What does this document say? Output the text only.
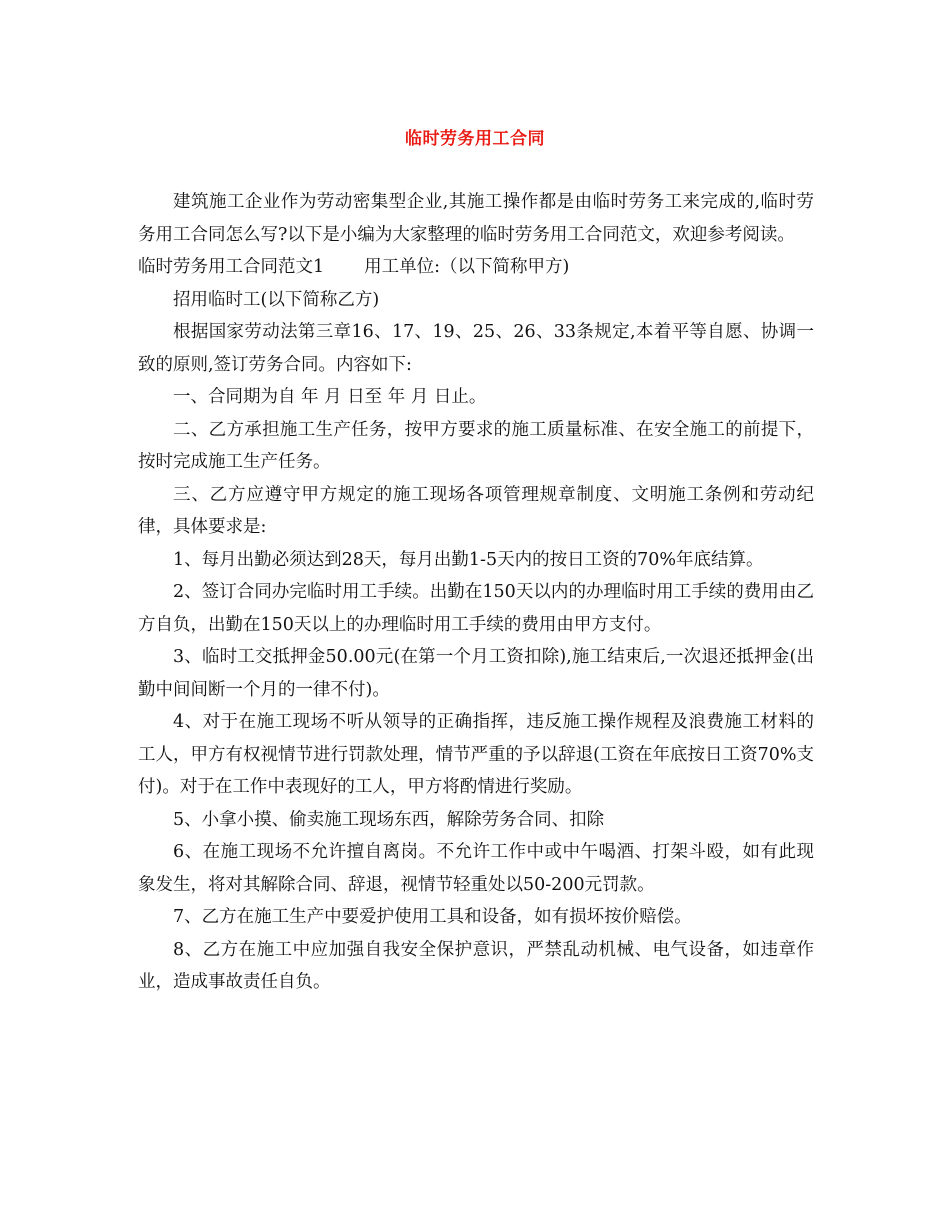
临时劳务用工合同

建筑施工企业作为劳动密集型企业,其施工操作都是由临时劳务工来完成的,临时劳务用工合同怎么写?以下是小编为大家整理的临时劳务用工合同范文，欢迎参考阅读。

临时劳务用工合同范文1 用工单位:（以下简称甲方)

招用临时工(以下简称乙方)

根据国家劳动法第三章16、17、19、25、26、33条规定,本着平等自愿、协调一致的原则,签订劳务合同。内容如下:

一、合同期为自 年 月 日至 年 月 日止。

二、乙方承担施工生产任务，按甲方要求的施工质量标准、在安全施工的前提下，按时完成施工生产任务。

三、乙方应遵守甲方规定的施工现场各项管理规章制度、文明施工条例和劳动纪律，具体要求是:

1、每月出勤必须达到28天，每月出勤1-5天内的按日工资的70%年底结算。

2、签订合同办完临时用工手续。出勤在150天以内的办理临时用工手续的费用由乙方自负，出勤在150天以上的办理临时用工手续的费用由甲方支付。

3、临时工交抵押金50.00元(在第一个月工资扣除),施工结束后,一次退还抵押金(出勤中间间断一个月的一律不付)。

4、对于在施工现场不听从领导的正确指挥，违反施工操作规程及浪费施工材料的工人，甲方有权视情节进行罚款处理，情节严重的予以辞退(工资在年底按日工资70%支付)。对于在工作中表现好的工人，甲方将酌情进行奖励。

5、小拿小摸、偷卖施工现场东西，解除劳务合同、扣除

6、在施工现场不允许擅自离岗。不允许工作中或中午喝酒、打架斗殴，如有此现象发生，将对其解除合同、辞退，视情节轻重处以50-200元罚款。

7、乙方在施工生产中要爱护使用工具和设备，如有损坏按价赔偿。

8、乙方在施工中应加强自我安全保护意识，严禁乱动机械、电气设备，如违章作业，造成事故责任自负。
